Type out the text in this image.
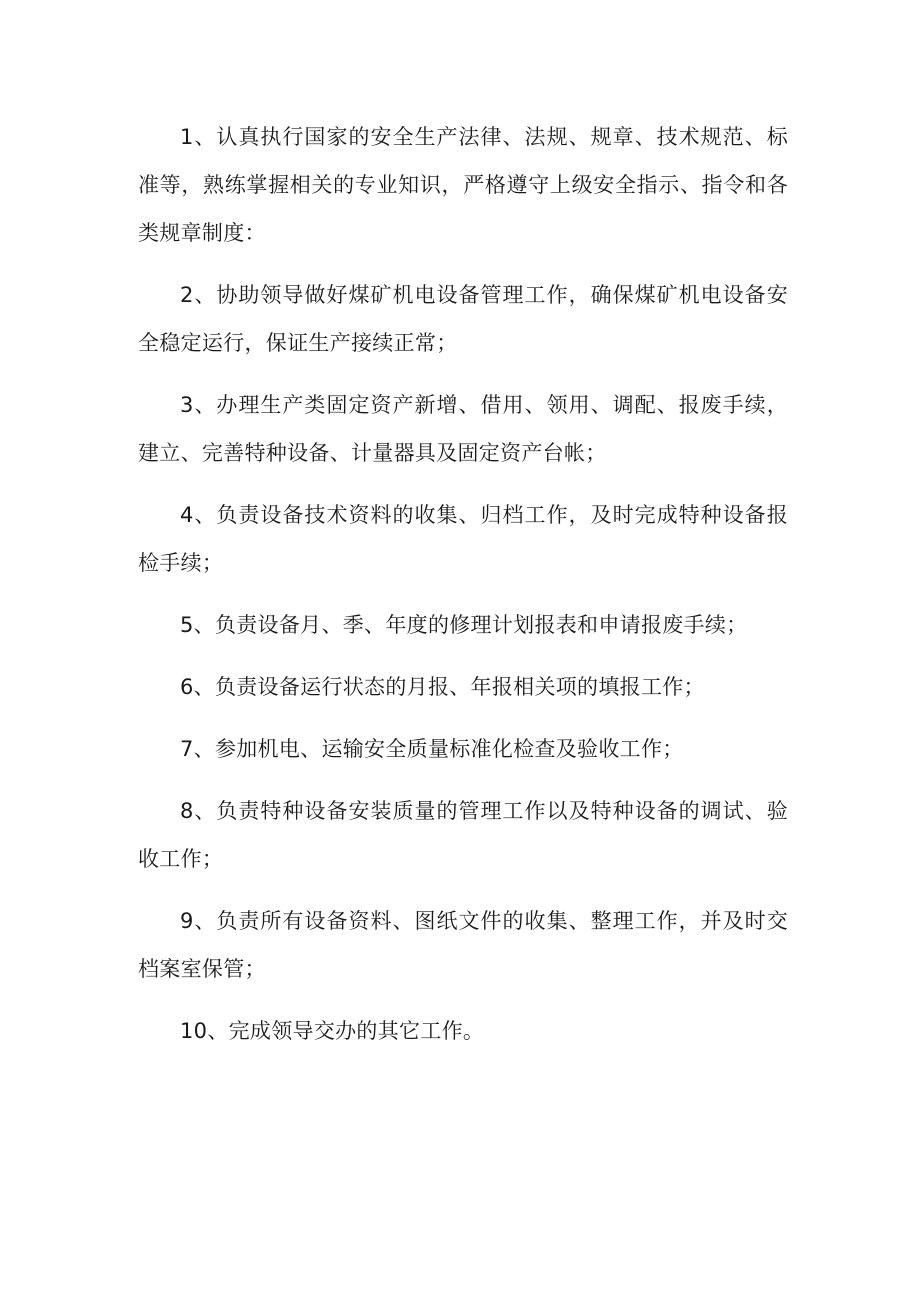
1、认真执行国家的安全生产法律、法规、规章、技术规范、标准等，熟练掌握相关的专业知识，严格遵守上级安全指示、指令和各类规章制度：

2、协助领导做好煤矿机电设备管理工作，确保煤矿机电设备安全稳定运行，保证生产接续正常；

3、办理生产类固定资产新增、借用、领用、调配、报废手续，建立、完善特种设备、计量器具及固定资产台帐；

4、负责设备技术资料的收集、归档工作，及时完成特种设备报检手续；

5、负责设备月、季、年度的修理计划报表和申请报废手续；

6、负责设备运行状态的月报、年报相关项的填报工作；

7、参加机电、运输安全质量标准化检查及验收工作；

8、负责特种设备安装质量的管理工作以及特种设备的调试、验收工作；

9、负责所有设备资料、图纸文件的收集、整理工作，并及时交档案室保管；

10、完成领导交办的其它工作。
